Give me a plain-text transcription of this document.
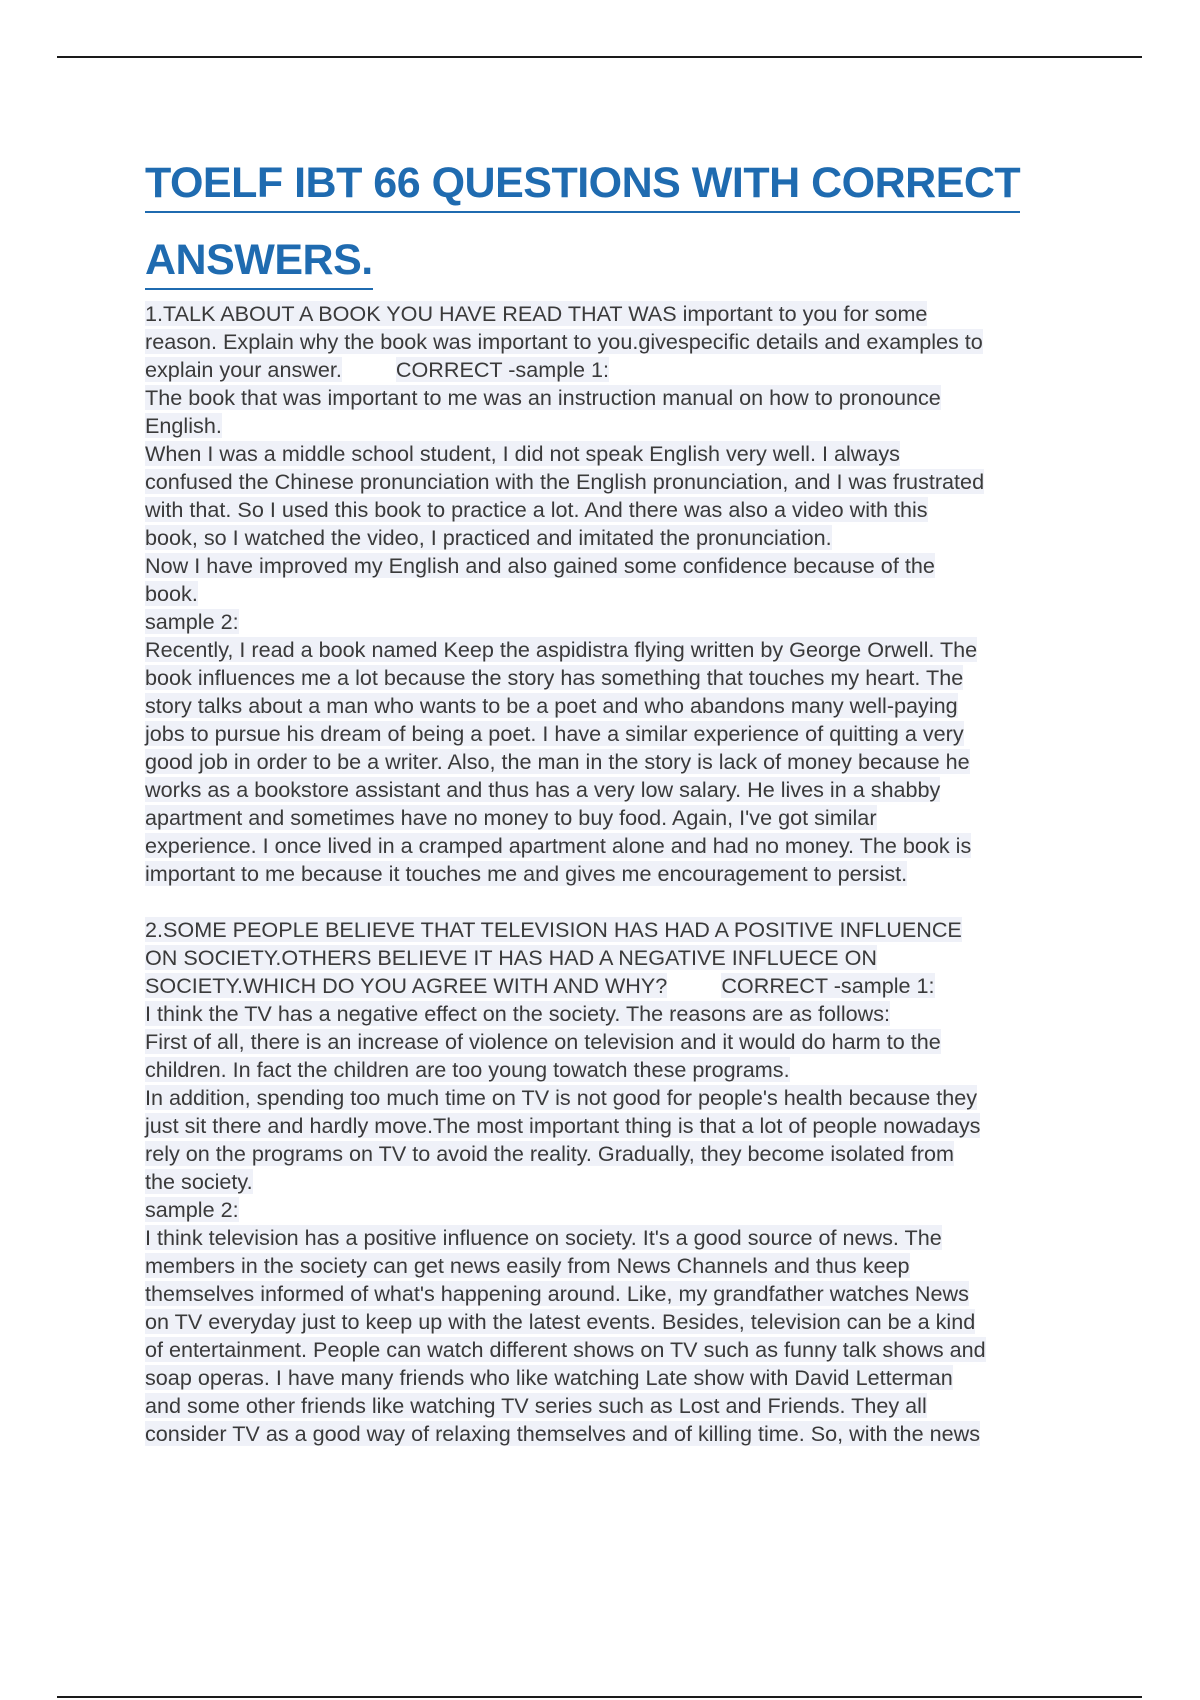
TOELF IBT 66 QUESTIONS WITH CORRECT
ANSWERS.

1.TALK ABOUT A BOOK YOU HAVE READ THAT WAS important to you for some
reason. Explain why the book was important to you.givespecific details and examples to
explain your answer.	CORRECT -sample 1:

The book that was important to me was an instruction manual on how to pronounce
English.
When I was a middle school student, I did not speak English very well. I always
confused the Chinese pronunciation with the English pronunciation, and I was frustrated
with that. So I used this book to practice a lot. And there was also a video with this
book, so I watched the video, I practiced and imitated the pronunciation.
Now I have improved my English and also gained some confidence because of the
book.

sample 2:
Recently, I read a book named Keep the aspidistra flying written by George Orwell. The
book influences me a lot because the story has something that touches my heart. The
story talks about a man who wants to be a poet and who abandons many well-paying
jobs to pursue his dream of being a poet. I have a similar experience of quitting a very
good job in order to be a writer. Also, the man in the story is lack of money because he
works as a bookstore assistant and thus has a very low salary. He lives in a shabby
apartment and sometimes have no money to buy food. Again, I've got similar
experience. I once lived in a cramped apartment alone and had no money. The book is
important to me because it touches me and gives me encouragement to persist.

2.SOME PEOPLE BELIEVE THAT TELEVISION HAS HAD A POSITIVE INFLUENCE
ON SOCIETY.OTHERS BELIEVE IT HAS HAD A NEGATIVE INFLUECE ON
SOCIETY.WHICH DO YOU AGREE WITH AND WHY?	CORRECT -sample 1:

I think the TV has a negative effect on the society. The reasons are as follows:
First of all, there is an increase of violence on television and it would do harm to the
children. In fact the children are too young towatch these programs.
In addition, spending too much time on TV is not good for people's health because they
just sit there and hardly move.The most important thing is that a lot of people nowadays
rely on the programs on TV to avoid the reality. Gradually, they become isolated from
the society.

sample 2:
I think television has a positive influence on society. It's a good source of news. The
members in the society can get news easily from News Channels and thus keep
themselves informed of what's happening around. Like, my grandfather watches News
on TV everyday just to keep up with the latest events. Besides, television can be a kind
of entertainment. People can watch different shows on TV such as funny talk shows and
soap operas. I have many friends who like watching Late show with David Letterman
and some other friends like watching TV series such as Lost and Friends. They all
consider TV as a good way of relaxing themselves and of killing time. So, with the news
